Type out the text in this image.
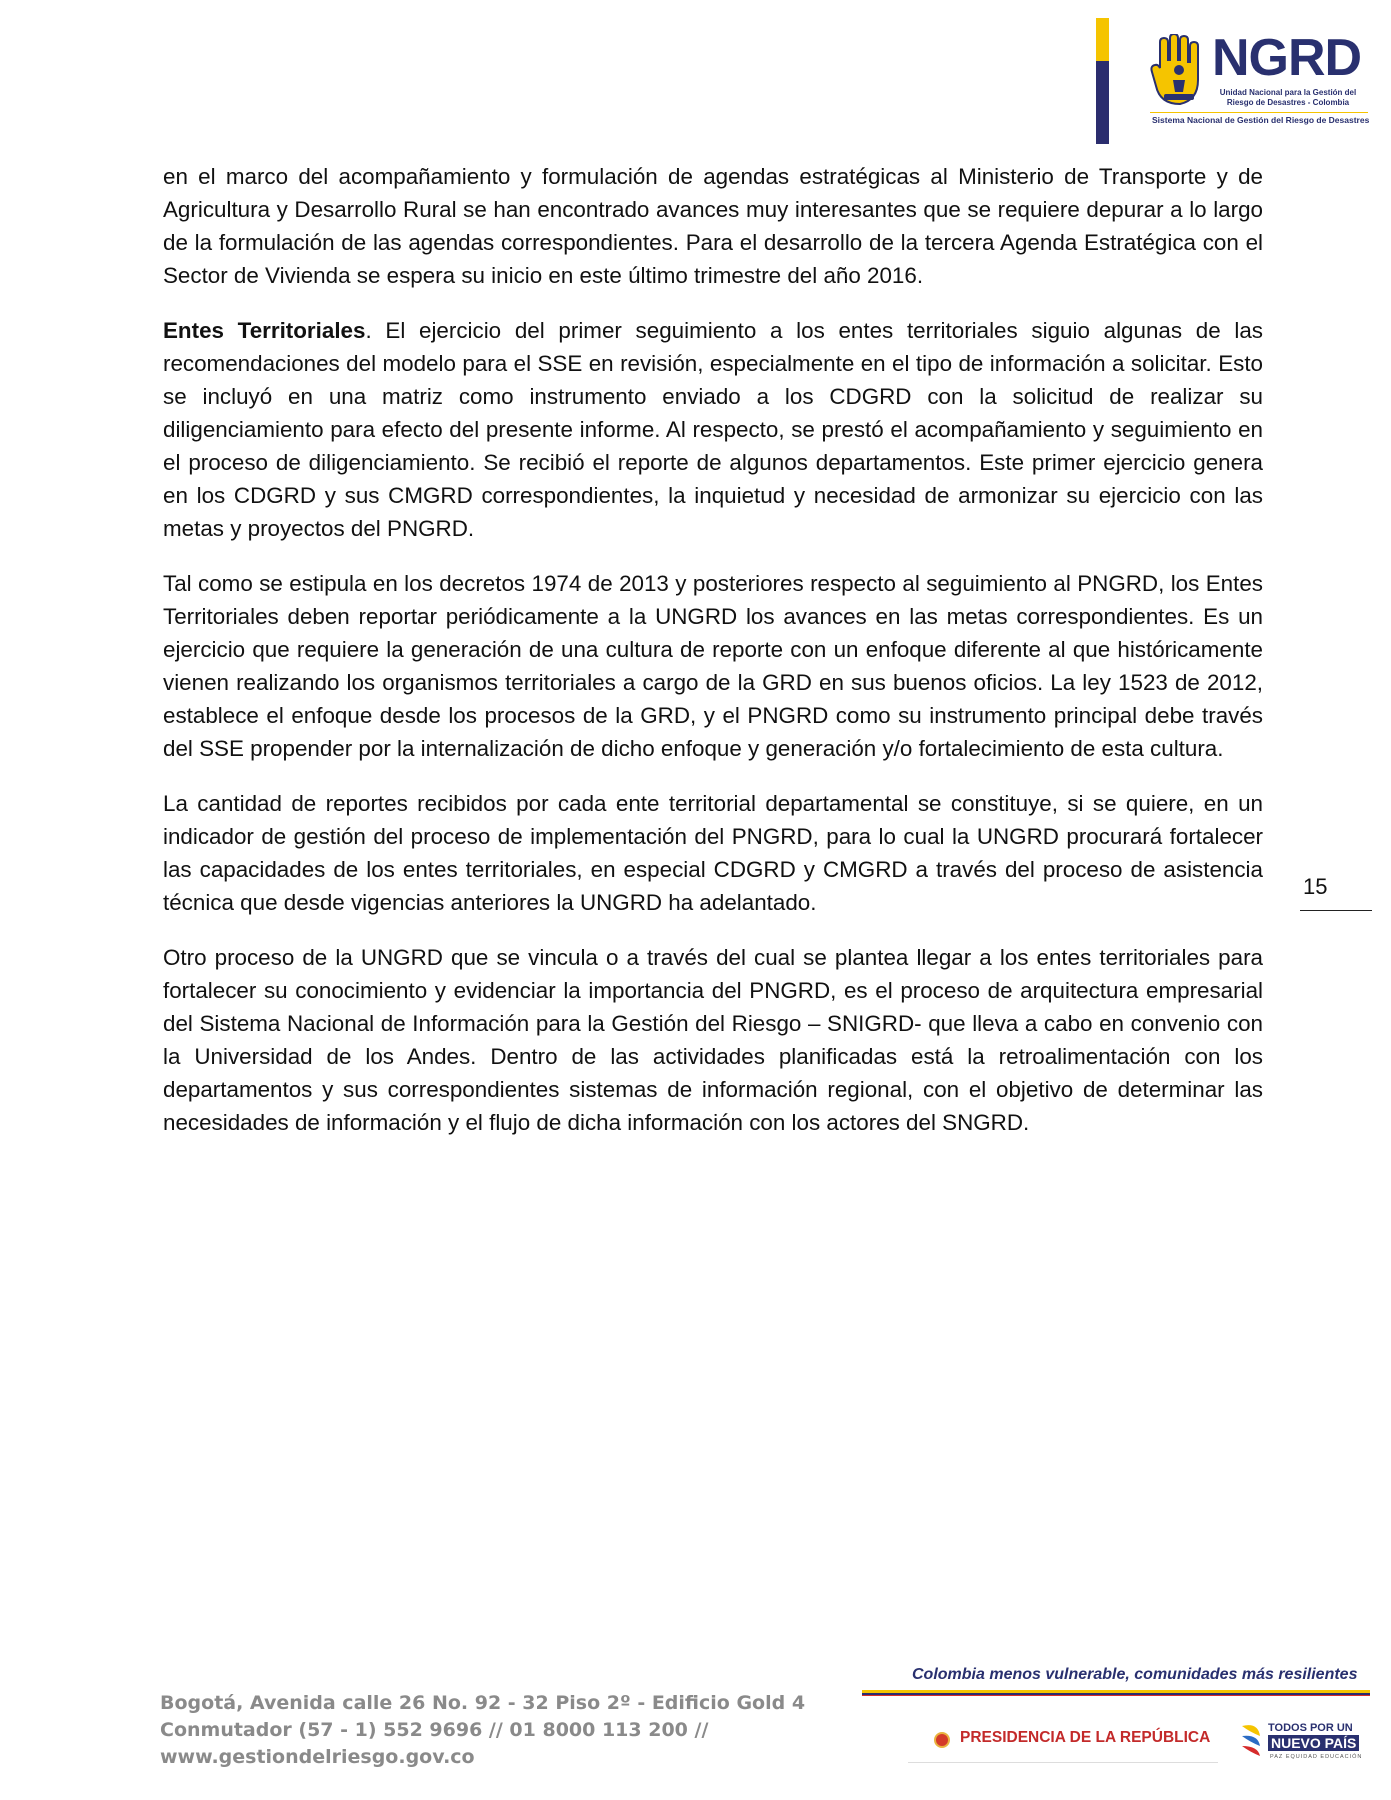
NGRD
Unidad Nacional para la Gestión del
Riesgo de Desastres - Colombia
Sistema Nacional de Gestión del Riesgo de Desastres

en el marco del acompañamiento y formulación de agendas estratégicas al Ministerio de Transporte y de Agricultura y Desarrollo Rural se han encontrado avances muy interesantes que se requiere depurar a lo largo de la formulación de las agendas correspondientes. Para el desarrollo de la tercera Agenda Estratégica con el Sector de Vivienda se espera su inicio en este último trimestre del año 2016.

Entes Territoriales. El ejercicio del primer seguimiento a los entes territoriales siguio algunas de las recomendaciones del modelo para el SSE en revisión, especialmente en el tipo de información a solicitar. Esto se incluyó en una matriz como instrumento enviado a los CDGRD con la solicitud de realizar su diligenciamiento para efecto del presente informe. Al respecto, se prestó el acompañamiento y seguimiento en el proceso de diligenciamiento. Se recibió el reporte de algunos departamentos. Este primer ejercicio genera en los CDGRD y sus CMGRD correspondientes, la inquietud y necesidad de armonizar su ejercicio con las metas y proyectos del PNGRD.

Tal como se estipula en los decretos 1974 de 2013 y posteriores respecto al seguimiento al PNGRD, los Entes Territoriales deben reportar periódicamente a la UNGRD los avances en las metas correspondientes. Es un ejercicio que requiere la generación de una cultura de reporte con un enfoque diferente al que históricamente vienen realizando los organismos territoriales a cargo de la GRD en sus buenos oficios. La ley 1523 de 2012, establece el enfoque desde los procesos de la GRD, y el PNGRD como su instrumento principal debe través del SSE propender por la internalización de dicho enfoque y generación y/o fortalecimiento de esta cultura.

La cantidad de reportes recibidos por cada ente territorial departamental se constituye, si se quiere, en un indicador de gestión del proceso de implementación del PNGRD, para lo cual la UNGRD procurará fortalecer las capacidades de los entes territoriales, en especial CDGRD y CMGRD a través del proceso de asistencia técnica que desde vigencias anteriores la UNGRD ha adelantado.

Otro proceso de la UNGRD que se vincula o a través del cual se plantea llegar a los entes territoriales para fortalecer su conocimiento y evidenciar la importancia del PNGRD, es el proceso de arquitectura empresarial del Sistema Nacional de Información para la Gestión del Riesgo – SNIGRD- que lleva a cabo en convenio con la Universidad de los Andes. Dentro de las actividades planificadas está la retroalimentación con los departamentos y sus correspondientes sistemas de información regional, con el objetivo de determinar las necesidades de información y el flujo de dicha información con los actores del SNGRD.

15
Bogotá, Avenida calle 26 No. 92 - 32 Piso 2º - Edificio Gold 4
Conmutador (57 - 1) 552 9696 // 01 8000 113 200 //
www.gestiondelriesgo.gov.co
Colombia menos vulnerable, comunidades más resilientes
PRESIDENCIA DE LA REPÚBLICA
TODOS POR UN
NUEVO PAÍS
PAZ EQUIDAD EDUCACIÓN
